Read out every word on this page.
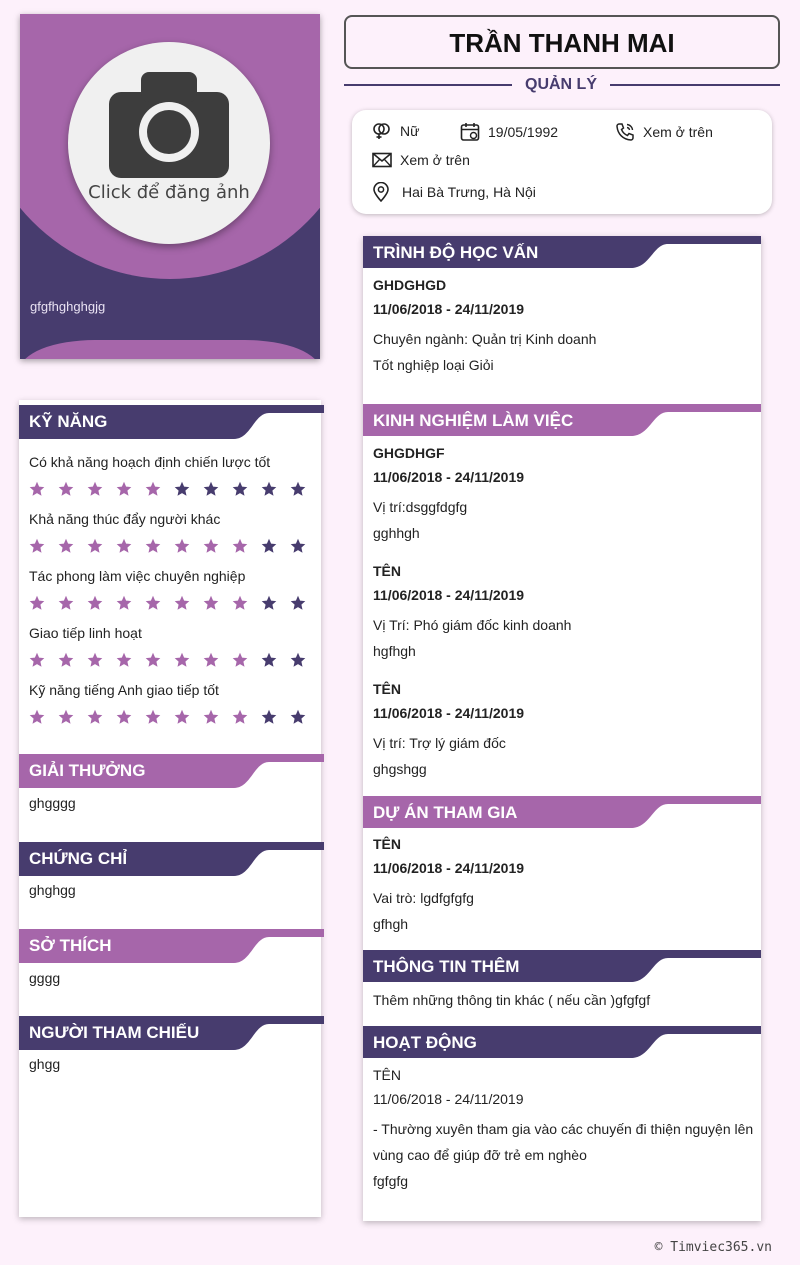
Click để đăng ảnh
gfgfhghghgjg
TRẦN THANH MAI
QUẢN LÝ
Nữ	19/05/1992	Xem ở trên
Xem ở trên
Hai Bà Trưng, Hà Nội
KỸ NĂNG
Có khả năng hoạch định chiến lược tốt
Khả năng thúc đẩy người khác
Tác phong làm việc chuyên nghiệp
Giao tiếp linh hoạt
Kỹ năng tiếng Anh giao tiếp tốt
GIẢI THƯỞNG
ghgggg
CHỨNG CHỈ
ghghgg
SỞ THÍCH
gggg
NGƯỜI THAM CHIẾU
ghgg
TRÌNH ĐỘ HỌC VẤN
GHDGHGD
11/06/2018 - 24/11/2019
Chuyên ngành: Quản trị Kinh doanh
Tốt nghiệp loại Giỏi
KINH NGHIỆM LÀM VIỆC
GHGDHGF
11/06/2018 - 24/11/2019
Vị trí:dsggfdgfg
gghhgh
TÊN
11/06/2018 - 24/11/2019
Vị Trí: Phó giám đốc kinh doanh
hgfhgh
TÊN
11/06/2018 - 24/11/2019
Vị trí: Trợ lý giám đốc
ghgshgg
DỰ ÁN THAM GIA
TÊN
11/06/2018 - 24/11/2019
Vai trò: lgdfgfgfg
gfhgh
THÔNG TIN THÊM
Thêm những thông tin khác ( nếu cần )gfgfgf
HOẠT ĐỘNG
TÊN
11/06/2018 - 24/11/2019
- Thường xuyên tham gia vào các chuyến đi thiện nguyện lên
vùng cao để giúp đỡ trẻ em nghèo
fgfgfg
© Timviec365.vn
